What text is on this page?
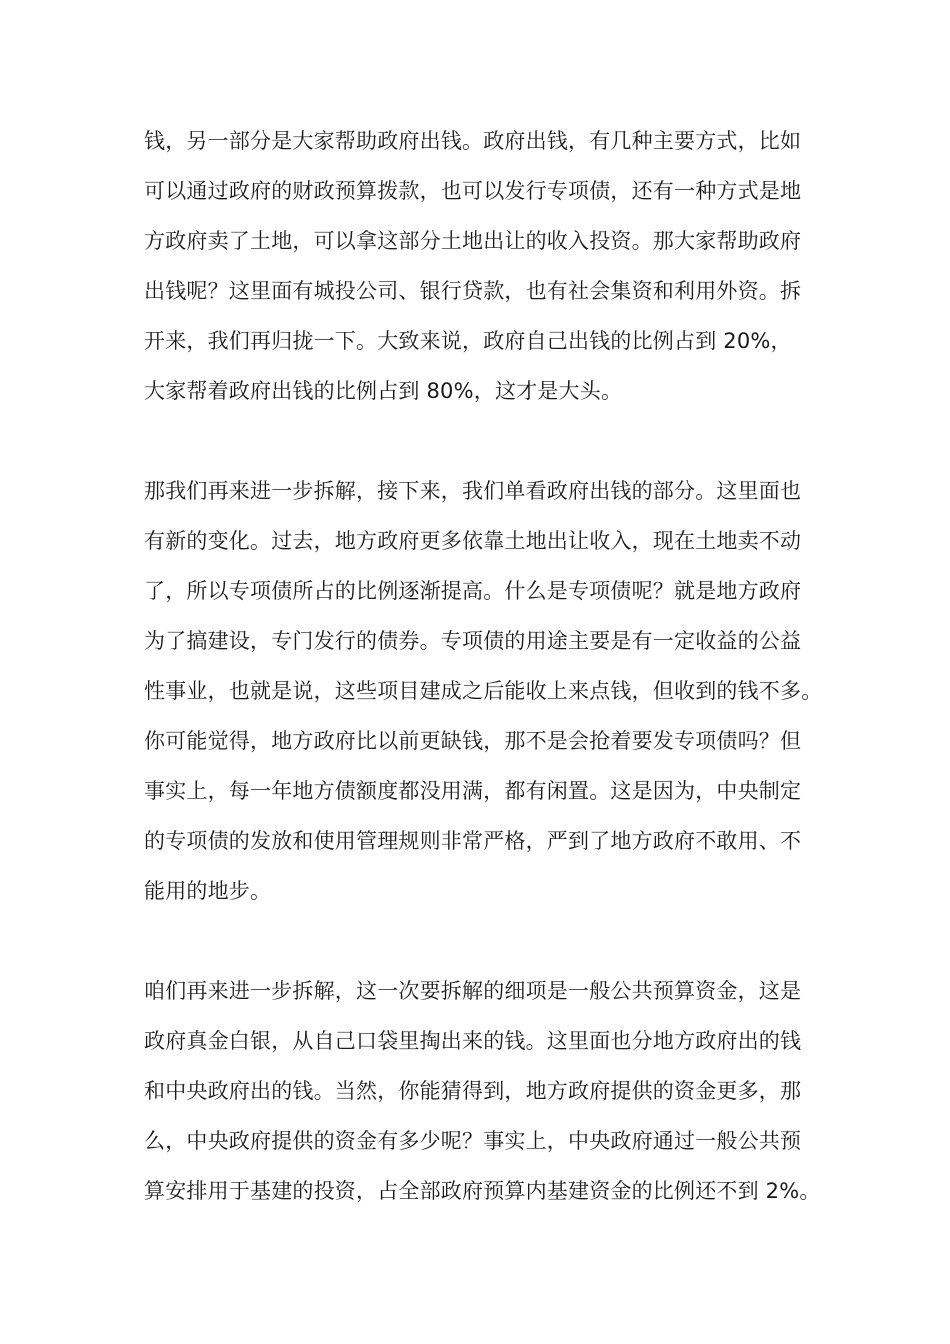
钱，另一部分是大家帮助政府出钱。政府出钱，有几种主要方式，比如
可以通过政府的财政预算拨款，也可以发行专项债，还有一种方式是地
方政府卖了土地，可以拿这部分土地出让的收入投资。那大家帮助政府
出钱呢？这里面有城投公司、银行贷款，也有社会集资和利用外资。拆
开来，我们再归拢一下。大致来说，政府自己出钱的比例占到 20%，
大家帮着政府出钱的比例占到 80%，这才是大头。

那我们再来进一步拆解，接下来，我们单看政府出钱的部分。这里面也
有新的变化。过去，地方政府更多依靠土地出让收入，现在土地卖不动
了，所以专项债所占的比例逐渐提高。什么是专项债呢？就是地方政府
为了搞建设，专门发行的债券。专项债的用途主要是有一定收益的公益
性事业，也就是说，这些项目建成之后能收上来点钱，但收到的钱不多。
你可能觉得，地方政府比以前更缺钱，那不是会抢着要发专项债吗？但
事实上，每一年地方债额度都没用满，都有闲置。这是因为，中央制定
的专项债的发放和使用管理规则非常严格，严到了地方政府不敢用、不
能用的地步。

咱们再来进一步拆解，这一次要拆解的细项是一般公共预算资金，这是
政府真金白银，从自己口袋里掏出来的钱。这里面也分地方政府出的钱
和中央政府出的钱。当然，你能猜得到，地方政府提供的资金更多，那
么，中央政府提供的资金有多少呢？事实上，中央政府通过一般公共预
算安排用于基建的投资，占全部政府预算内基建资金的比例还不到 2%。
